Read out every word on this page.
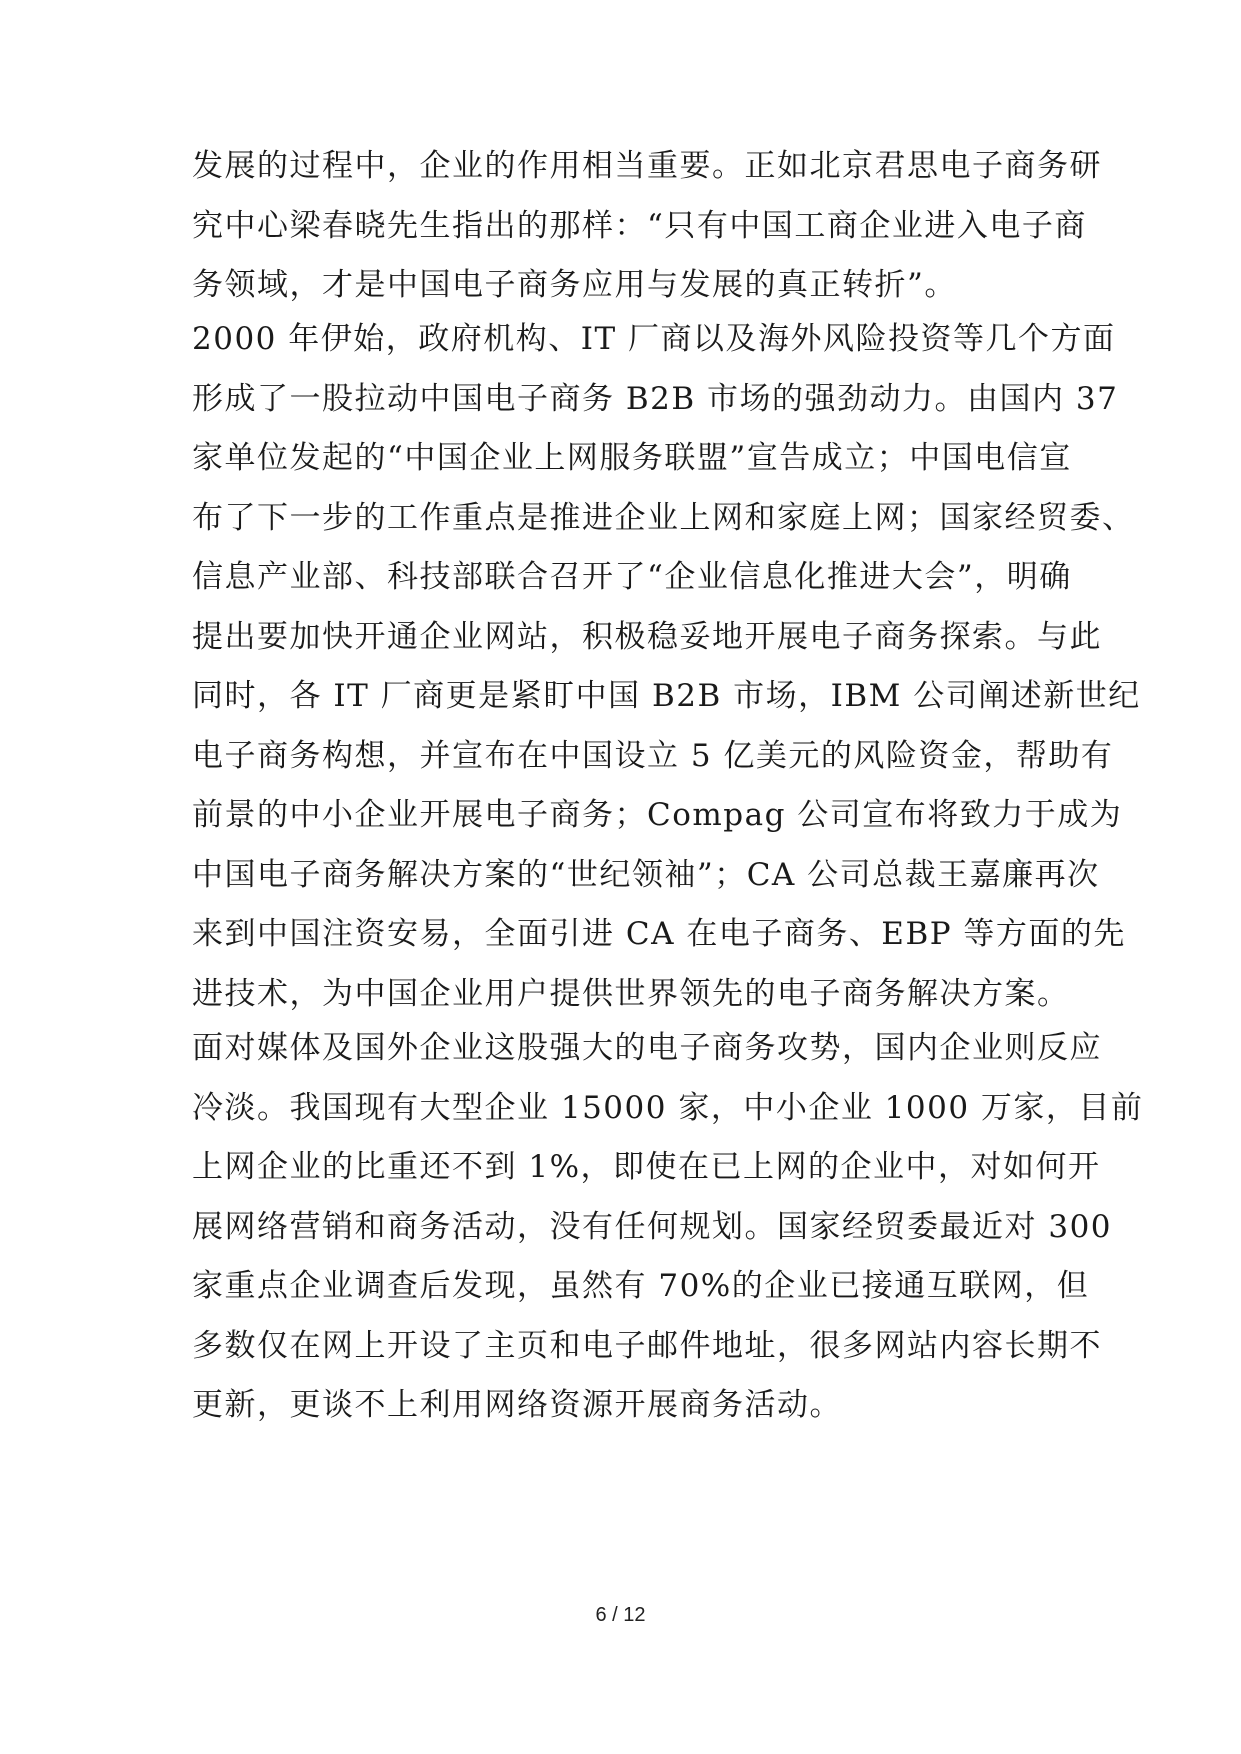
发展的过程中，企业的作用相当重要。正如北京君思电子商务研
究中心梁春晓先生指出的那样：“只有中国工商企业进入电子商
务领域，才是中国电子商务应用与发展的真正转折”。
2000 年伊始，政府机构、IT 厂商以及海外风险投资等几个方面
形成了一股拉动中国电子商务 B2B 市场的强劲动力。由国内 37
家单位发起的“中国企业上网服务联盟”宣告成立；中国电信宣
布了下一步的工作重点是推进企业上网和家庭上网；国家经贸委、
信息产业部、科技部联合召开了“企业信息化推进大会”，明确
提出要加快开通企业网站，积极稳妥地开展电子商务探索。与此
同时，各 IT 厂商更是紧盯中国 B2B 市场，IBM 公司阐述新世纪
电子商务构想，并宣布在中国设立 5 亿美元的风险资金，帮助有
前景的中小企业开展电子商务；Compag 公司宣布将致力于成为
中国电子商务解决方案的“世纪领袖”；CA 公司总裁王嘉廉再次
来到中国注资安易，全面引进 CA 在电子商务、EBP 等方面的先
进技术，为中国企业用户提供世界领先的电子商务解决方案。
面对媒体及国外企业这股强大的电子商务攻势，国内企业则反应
冷淡。我国现有大型企业 15000 家，中小企业 1000 万家，目前
上网企业的比重还不到 1%，即使在已上网的企业中，对如何开
展网络营销和商务活动，没有任何规划。国家经贸委最近对 300
家重点企业调查后发现，虽然有 70%的企业已接通互联网，但
多数仅在网上开设了主页和电子邮件地址，很多网站内容长期不
更新，更谈不上利用网络资源开展商务活动。
6 / 12
